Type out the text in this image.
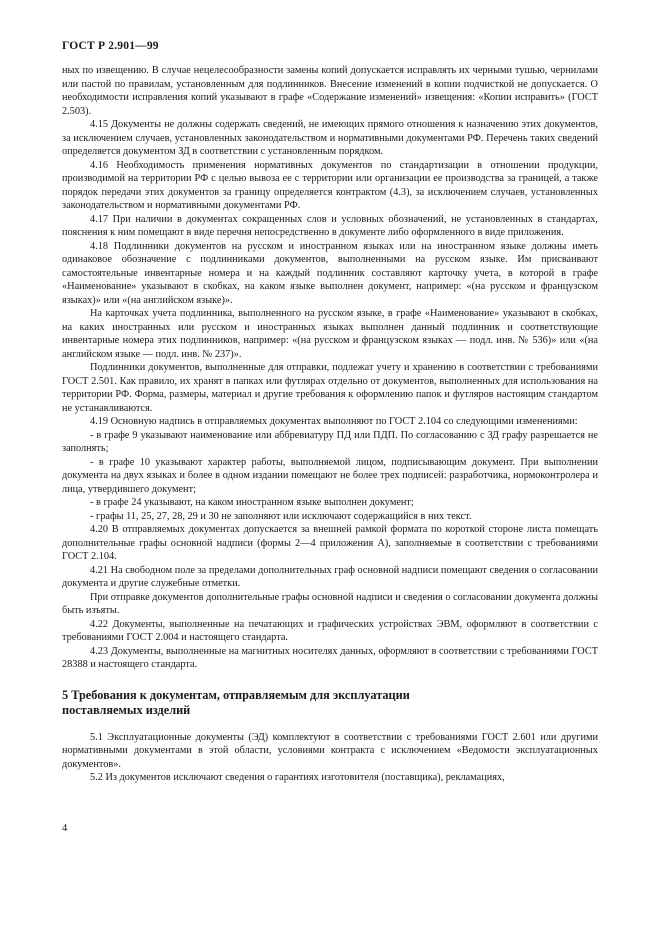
ГОСТ Р 2.901—99

ных по извещению. В случае нецелесообразности замены копий допускается исправлять их черными тушью, чернилами или пастой по правилам, установленным для подлинников. Внесение изменений в копии подчисткой не допускается. О необходимости исправления копий указывают в графе «Содержание изменений» извещения: «Копии исправить» (ГОСТ 2.503).

4.15 Документы не должны содержать сведений, не имеющих прямого отношения к назначению этих документов, за исключением случаев, установленных законодательством и нормативными документами РФ. Перечень таких сведений определяется документом ЗД в соответствии с установленным порядком.

4.16 Необходимость применения нормативных документов по стандартизации в отношении продукции, производимой на территории РФ с целью вывоза ее с территории или организации ее производства за границей, а также порядок передачи этих документов за границу определяется контрактом (4.3), за исключением случаев, установленных законодательством и нормативными документами РФ.

4.17 При наличии в документах сокращенных слов и условных обозначений, не установленных в стандартах, пояснения к ним помещают в виде перечня непосредственно в документе либо оформленного в виде приложения.

4.18 Подлинники документов на русском и иностранном языках или на иностранном языке должны иметь одинаковое обозначение с подлинниками документов, выполненными на русском языке. Им присваивают самостоятельные инвентарные номера и на каждый подлинник составляют карточку учета, в которой в графе «Наименование» указывают в скобках, на каком языке выполнен документ, например: «(на русском и французском языках)» или «(на английском языке)».

На карточках учета подлинника, выполненного на русском языке, в графе «Наименование» указывают в скобках, на каких иностранных или русском и иностранных языках выполнен данный подлинник и соответствующие инвентарные номера этих подлинников, например: «(на русском и французском языках — подл. инв. № 536)» или «(на английском языке — подл. инв. № 237)».

Подлинники документов, выполненные для отправки, подлежат учету и хранению в соответствии с требованиями ГОСТ 2.501. Как правило, их хранят в папках или футлярах отдельно от документов, выполненных для использования на территории РФ. Форма, размеры, материал и другие требования к оформлению папок и футляров настоящим стандартом не устанавливаются.

4.19 Основную надпись в отправляемых документах выполняют по ГОСТ 2.104 со следующими изменениями:

- в графе 9 указывают наименование или аббревиатуру ПД или ПДП. По согласованию с ЗД графу разрешается не заполнять;

- в графе 10 указывают характер работы, выполняемой лицом, подписывающим документ. При выполнении документа на двух языках и более в одном издании помещают не более трех подписей: разработчика, нормоконтролера и лица, утвердившего документ;

- в графе 24 указывают, на каком иностранном языке выполнен документ;

- графы 11, 25, 27, 28, 29 и 30 не заполняют или исключают содержащийся в них текст.

4.20 В отправляемых документах допускается за внешней рамкой формата по короткой стороне листа помещать дополнительные графы основной надписи (формы 2—4 приложения А), заполняемые в соответствии с требованиями ГОСТ 2.104.

4.21 На свободном поле за пределами дополнительных граф основной надписи помещают сведения о согласовании документа и другие служебные отметки.

При отправке документов дополнительные графы основной надписи и сведения о согласовании документа должны быть изъяты.

4.22 Документы, выполненные на печатающих и графических устройствах ЭВМ, оформляют в соответствии с требованиями ГОСТ 2.004 и настоящего стандарта.

4.23 Документы, выполненные на магнитных носителях данных, оформляют в соответствии с требованиями ГОСТ 28388 и настоящего стандарта.

5 Требования к документам, отправляемым для эксплуатации
поставляемых изделий

5.1 Эксплуатационные документы (ЭД) комплектуют в соответствии с требованиями ГОСТ 2.601 или другими нормативными документами в этой области, условиями контракта с исключением «Ведомости эксплуатационных документов».

5.2 Из документов исключают сведения о гарантиях изготовителя (поставщика), рекламациях,

4
